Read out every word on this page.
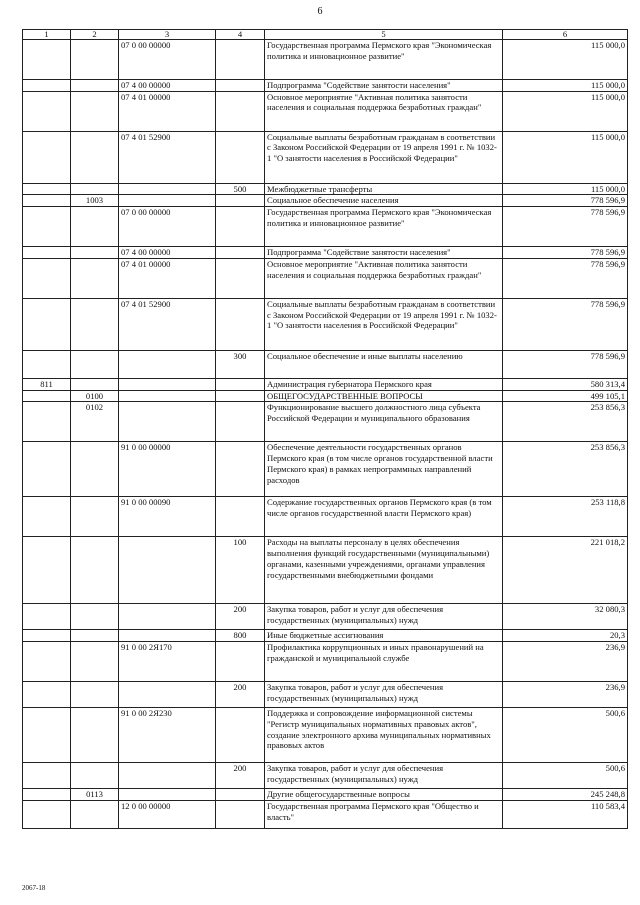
6
1	2	3	4	5	6
		07 0 00 00000		Государственная программа Пермского края "Экономическая политика и инновационное развитие"	115 000,0
		07 4 00 00000		Подпрограмма "Содействие занятости населения"	115 000,0
		07 4 01 00000		Основное мероприятие "Активная политика занятости населения и социальная поддержка безработных граждан"	115 000,0
		07 4 01 52900		Социальные выплаты безработным гражданам в соответствии с Законом Российской Федерации от 19 апреля 1991 г. № 1032-1 "О занятости населения в Российской Федерации"	115 000,0
			500	Межбюджетные трансферты	115 000,0
	1003			Социальное обеспечение населения	778 596,9
		07 0 00 00000		Государственная программа Пермского края "Экономическая политика и инновационное развитие"	778 596,9
		07 4 00 00000		Подпрограмма "Содействие занятости населения"	778 596,9
		07 4 01 00000		Основное мероприятие "Активная политика занятости населения и социальная поддержка безработных граждан"	778 596,9
		07 4 01 52900		Социальные выплаты безработным гражданам в соответствии с Законом Российской Федерации от 19 апреля 1991 г. № 1032-1 "О занятости населения в Российской Федерации"	778 596,9
			300	Социальное обеспечение и иные выплаты населению	778 596,9
811				Администрация губернатора Пермского края	580 313,4
	0100			ОБЩЕГОСУДАРСТВЕННЫЕ ВОПРОСЫ	499 105,1
	0102			Функционирование высшего должностного лица субъекта Российской Федерации и муниципального образования	253 856,3
		91 0 00 00000		Обеспечение деятельности государственных органов Пермского края (в том числе органов государственной власти Пермского края) в рамках непрограммных направлений расходов	253 856,3
		91 0 00 00090		Содержание государственных органов Пермского края (в том числе органов государственной власти Пермского края)	253 118,8
			100	Расходы на выплаты персоналу в целях обеспечения выполнения функций государственными (муниципальными) органами, казенными учреждениями, органами управления государственными внебюджетными фондами	221 018,2
			200	Закупка товаров, работ и услуг для обеспечения государственных (муниципальных) нужд	32 080,3
			800	Иные бюджетные ассигнования	20,3
		91 0 00 2Я170		Профилактика коррупционных и иных правонарушений на гражданской и муниципальной службе	236,9
			200	Закупка товаров, работ и услуг для обеспечения государственных (муниципальных) нужд	236,9
		91 0 00 2Я230		Поддержка и сопровождение информационной системы "Регистр муниципальных нормативных правовых актов", создание электронного архива муниципальных нормативных правовых актов	500,6
			200	Закупка товаров, работ и услуг для обеспечения государственных (муниципальных) нужд	500,6
	0113			Другие общегосударственные вопросы	245 248,8
		12 0 00 00000		Государственная программа Пермского края "Общество и власть"	110 583,4
2067-18
